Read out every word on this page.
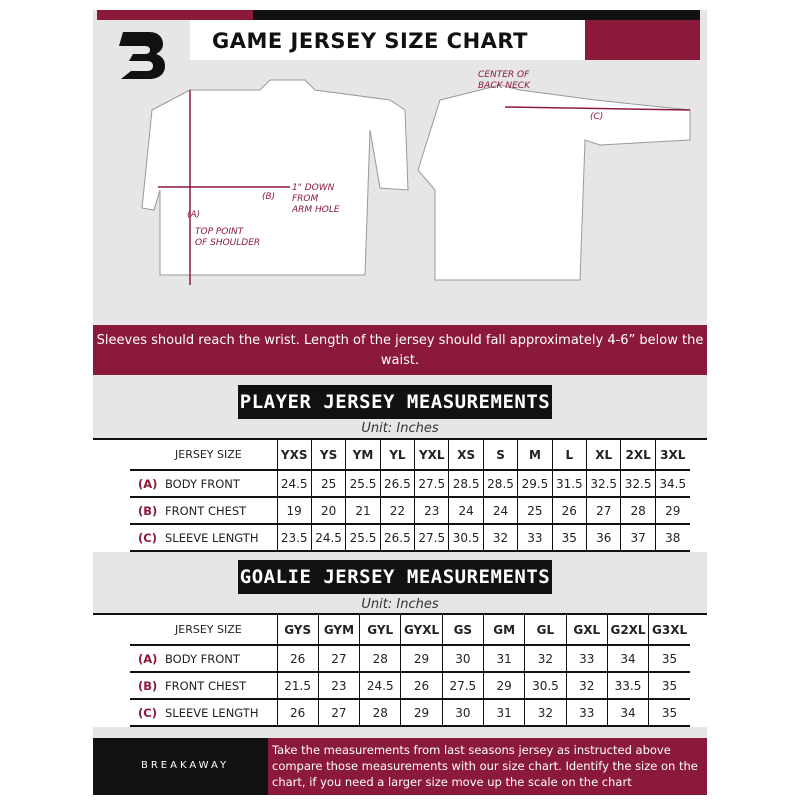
GAME JERSEY SIZE CHART
(A)
TOP POINT
OF SHOULDER
(B)
1" DOWN
FROM
ARM HOLE
(C)
CENTER OF
BACK NECK
Sleeves should reach the wrist. Length of the jersey should fall approximately 4-6” below the waist.
PLAYER JERSEY MEASUREMENTS
Unit: Inches
JERSEY SIZE	YXS	YS	YM	YL	YXL	XS	S	M	L	XL	2XL	3XL
(A) BODY FRONT	24.5	25	25.5	26.5	27.5	28.5	28.5	29.5	31.5	32.5	32.5	34.5
(B) FRONT CHEST	19	20	21	22	23	24	24	25	26	27	28	29
(C) SLEEVE LENGTH	23.5	24.5	25.5	26.5	27.5	30.5	32	33	35	36	37	38
GOALIE JERSEY MEASUREMENTS
Unit: Inches
JERSEY SIZE	GYS	GYM	GYL	GYXL	GS	GM	GL	GXL	G2XL	G3XL
(A) BODY FRONT	26	27	28	29	30	31	32	33	34	35
(B) FRONT CHEST	21.5	23	24.5	26	27.5	29	30.5	32	33.5	35
(C) SLEEVE LENGTH	26	27	28	29	30	31	32	33	34	35
BREAKAWAY
Take the measurements from last seasons jersey as instructed above compare those measurements with our size chart. Identify the size on the chart, if you need a larger size move up the scale on the chart
